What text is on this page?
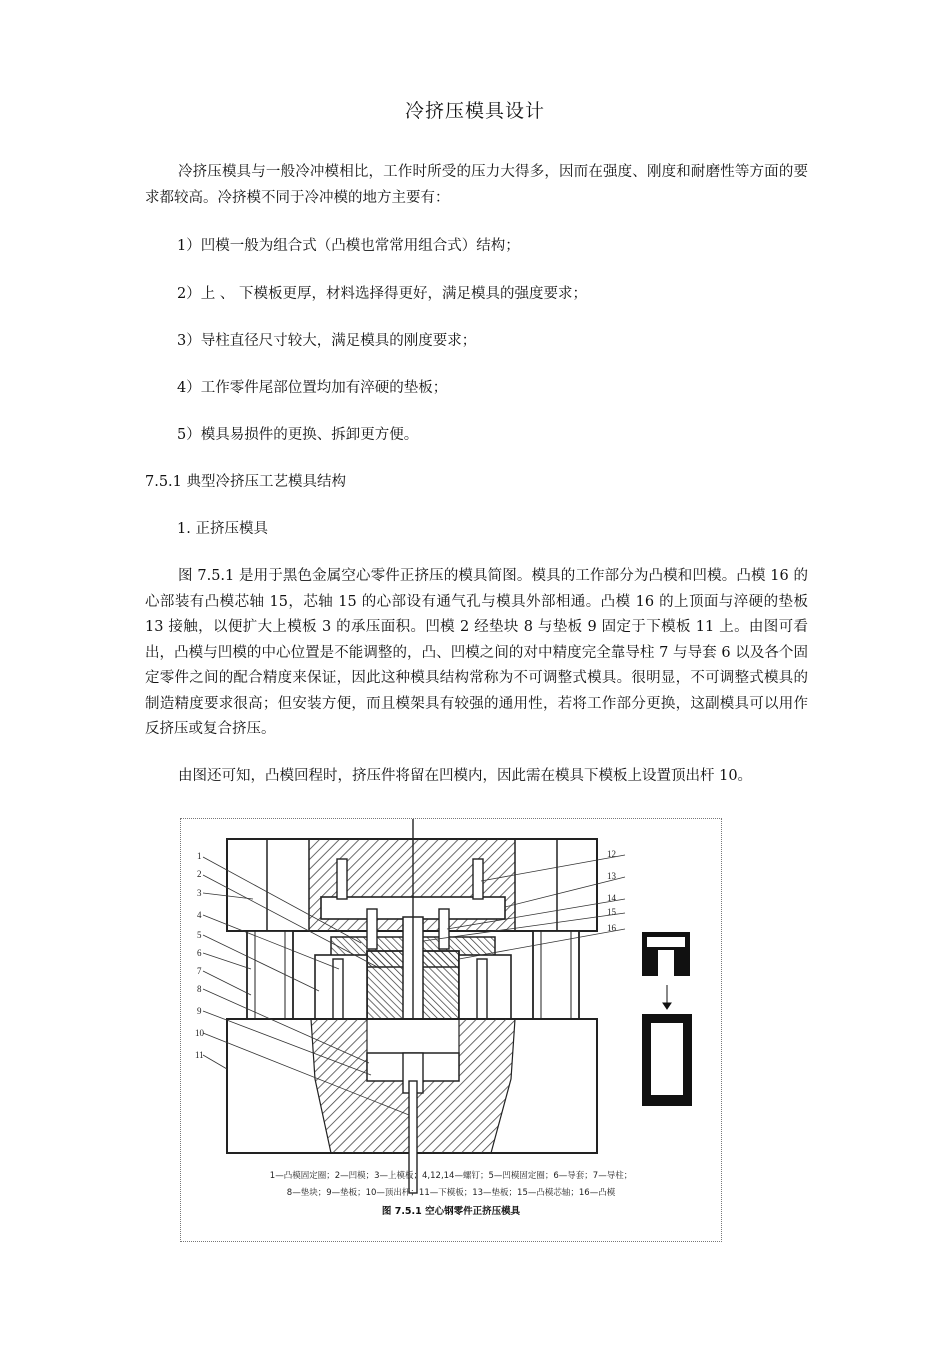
冷挤压模具设计

冷挤压模具与一般冷冲模相比，工作时所受的压力大得多，因而在强度、刚度和耐磨性等方面的要求都较高。冷挤模不同于冷冲模的地方主要有：

1）凹模一般为组合式（凸模也常常用组合式）结构；
2）上 、 下模板更厚，材料选择得更好，满足模具的强度要求；
3）导柱直径尺寸较大，满足模具的刚度要求；
4）工作零件尾部位置均加有淬硬的垫板；
5）模具易损件的更换、拆卸更方便。
7.5.1 典型冷挤压工艺模具结构
1. 正挤压模具

图 7.5.1 是用于黑色金属空心零件正挤压的模具简图。模具的工作部分为凸模和凹模。凸模 16 的心部装有凸模芯轴 15，芯轴 15 的心部设有通气孔与模具外部相通。凸模 16 的上顶面与淬硬的垫板 13 接触，以便扩大上模板 3 的承压面积。凹模 2 经垫块 8 与垫板 9 固定于下模板 11 上。由图可看出，凸模与凹模的中心位置是不能调整的，凸、凹模之间的对中精度完全靠导柱 7 与导套 6 以及各个固定零件之间的配合精度来保证，因此这种模具结构常称为不可调整式模具。很明显，不可调整式模具的制造精度要求很高；但安装方便，而且模架具有较强的通用性，若将工作部分更换，这副模具可以用作反挤压或复合挤压。

由图还可知，凸模回程时，挤压件将留在凹模内，因此需在模具下模板上设置顶出杆 10。

1
2
3
4
5
6
7
8
9
10
11
12
13
14
15
16
1—凸模固定圈；2—凹模；3—上模板；4,12,14—螺钉；5—凹模固定圈；6—导套；7—导柱；
8—垫块；9—垫板；10—顶出杆；11—下模板；13—垫板；15—凸模芯轴；16—凸模
图 7.5.1 空心钢零件正挤压模具
